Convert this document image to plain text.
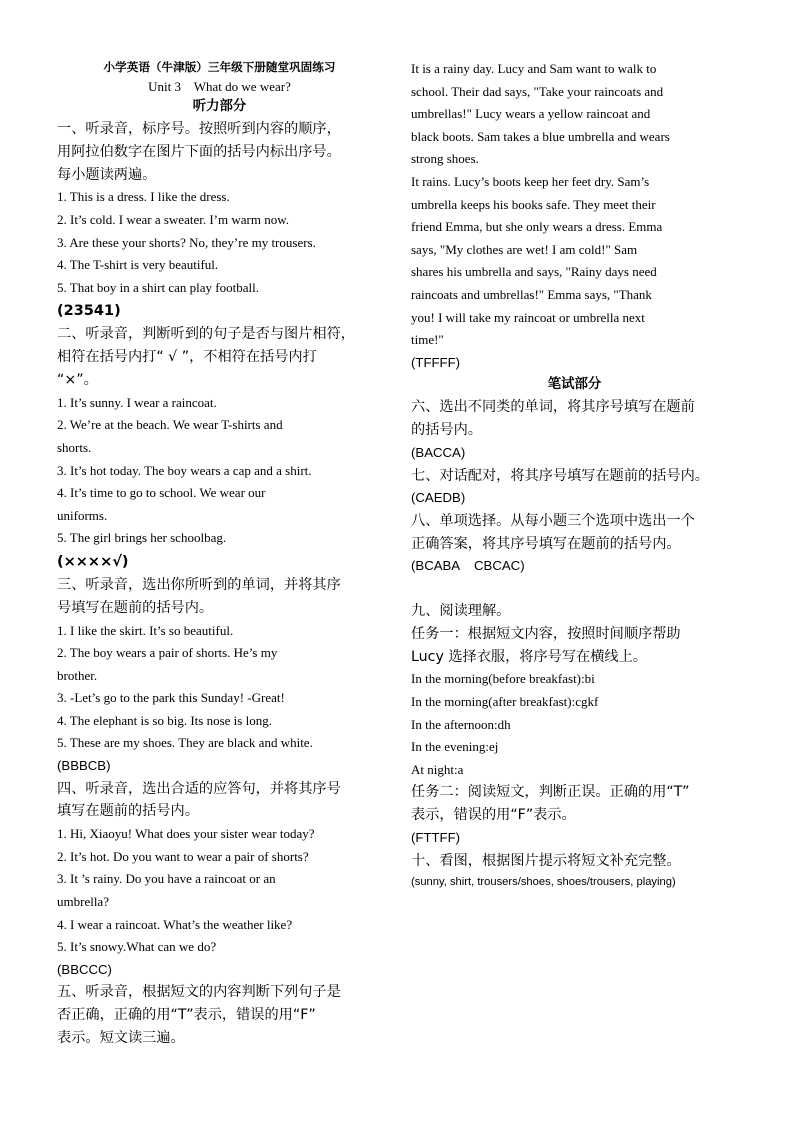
小学英语（牛津版）三年级下册随堂巩固练习

Unit 3    What do we wear?

听力部分

一、听录音，标序号。按照听到内容的顺序，

用阿拉伯数字在图片下面的括号内标出序号。

每小题读两遍。

1. This is a dress. I like the dress.

2. It’s cold. I wear a sweater. I’m warm now.

3. Are these your shorts? No, they’re my trousers.

4. The T-shirt is very beautiful.

5. That boy in a shirt can play football.

(23541)

二、听录音，判断听到的句子是否与图片相符，

相符在括号内打“ √ ”，不相符在括号内打

“×”。

1. It’s sunny. I wear a raincoat.

2. We’re at the beach. We wear T-shirts and

shorts.

3. It’s hot today. The boy wears a cap and a shirt.

4. It’s time to go to school. We wear our

uniforms.

5. The girl brings her schoolbag.

(××××√)

三、听录音，选出你所听到的单词，并将其序

号填写在题前的括号内。

1. I like the skirt. It’s so beautiful.

2. The boy wears a pair of shorts. He’s my

brother.

3. -Let’s go to the park this Sunday! -Great!

4. The elephant is so big. Its nose is long.

5. These are my shoes. They are black and white.

(BBBCB)

四、听录音，选出合适的应答句，并将其序号

填写在题前的括号内。

1. Hi, Xiaoyu! What does your sister wear today?

2. It’s hot. Do you want to wear a pair of shorts?

3. It ’s rainy. Do you have a raincoat or an

umbrella?

4. I wear a raincoat. What’s the weather like?

5. It’s snowy.What can we do?

(BBCCC)

五、听录音，根据短文的内容判断下列句子是

否正确，正确的用“T”表示，错误的用“F”

表示。短文读三遍。

It is a rainy day. Lucy and Sam want to walk to

school. Their dad says, "Take your raincoats and

umbrellas!" Lucy wears a yellow raincoat and

black boots. Sam takes a blue umbrella and wears

strong shoes.

It rains. Lucy’s boots keep her feet dry. Sam’s

umbrella keeps his books safe. They meet their

friend Emma, but she only wears a dress. Emma

says, "My clothes are wet! I am cold!" Sam

shares his umbrella and says, "Rainy days need

raincoats and umbrellas!" Emma says, "Thank

you! I will take my raincoat or umbrella next

time!"

(TFFFF)

笔试部分

六、选出不同类的单词，将其序号填写在题前

的括号内。

(BACCA)

七、对话配对，将其序号填写在题前的括号内。

(CAEDB)

八、单项选择。从每小题三个选项中选出一个

正确答案，将其序号填写在题前的括号内。

(BCABA    CBCAC)

九、阅读理解。

任务一：根据短文内容，按照时间顺序帮助

Lucy 选择衣服，将序号写在横线上。

In the morning(before breakfast):bi

In the morning(after breakfast):cgkf

In the afternoon:dh

In the evening:ej

At night:a

任务二：阅读短文，判断正误。正确的用“T”

表示，错误的用“F”表示。

(FTTFF)

十、看图，根据图片提示将短文补充完整。

(sunny, shirt, trousers/shoes, shoes/trousers, playing)
